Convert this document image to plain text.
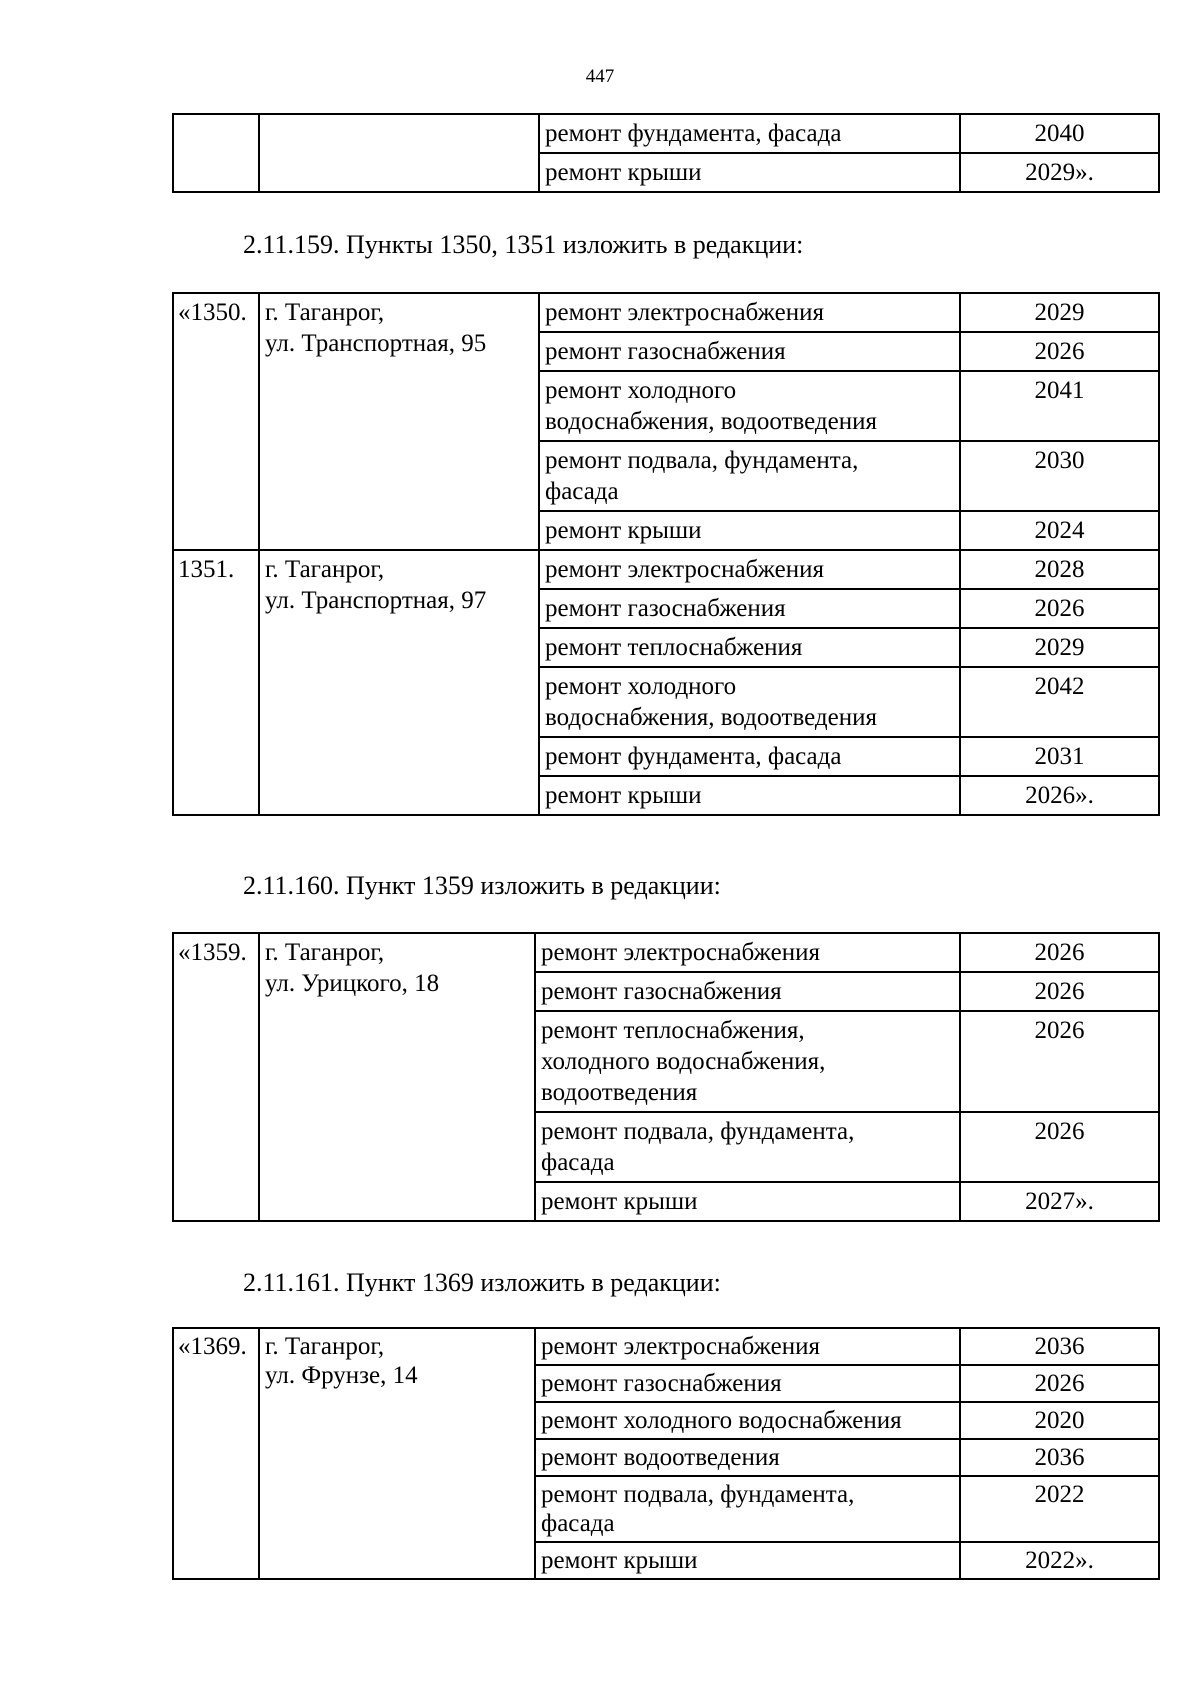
447
		ремонт фундамента, фасада	2040
		ремонт крыши	2029».
2.11.159. Пункты 1350, 1351 изложить в редакции:
«1350.	г. Таганрог,
ул. Транспортная, 95	ремонт электроснабжения	2029
		ремонт газоснабжения	2026
		ремонт холодного
водоснабжения, водоотведения	2041
		ремонт подвала, фундамента,
фасада	2030
		ремонт крыши	2024
1351.	г. Таганрог,
ул. Транспортная, 97	ремонт электроснабжения	2028
		ремонт газоснабжения	2026
		ремонт теплоснабжения	2029
		ремонт холодного
водоснабжения, водоотведения	2042
		ремонт фундамента, фасада	2031
		ремонт крыши	2026».
2.11.160. Пункт 1359 изложить в редакции:
«1359.	г. Таганрог,
ул. Урицкого, 18	ремонт электроснабжения	2026
		ремонт газоснабжения	2026
		ремонт теплоснабжения,
холодного водоснабжения,
водоотведения	2026
		ремонт подвала, фундамента,
фасада	2026
		ремонт крыши	2027».
2.11.161. Пункт 1369 изложить в редакции:
«1369.	г. Таганрог,
ул. Фрунзе, 14	ремонт электроснабжения	2036
		ремонт газоснабжения	2026
		ремонт холодного водоснабжения	2020
		ремонт водоотведения	2036
		ремонт подвала, фундамента,
фасада	2022
		ремонт крыши	2022».
